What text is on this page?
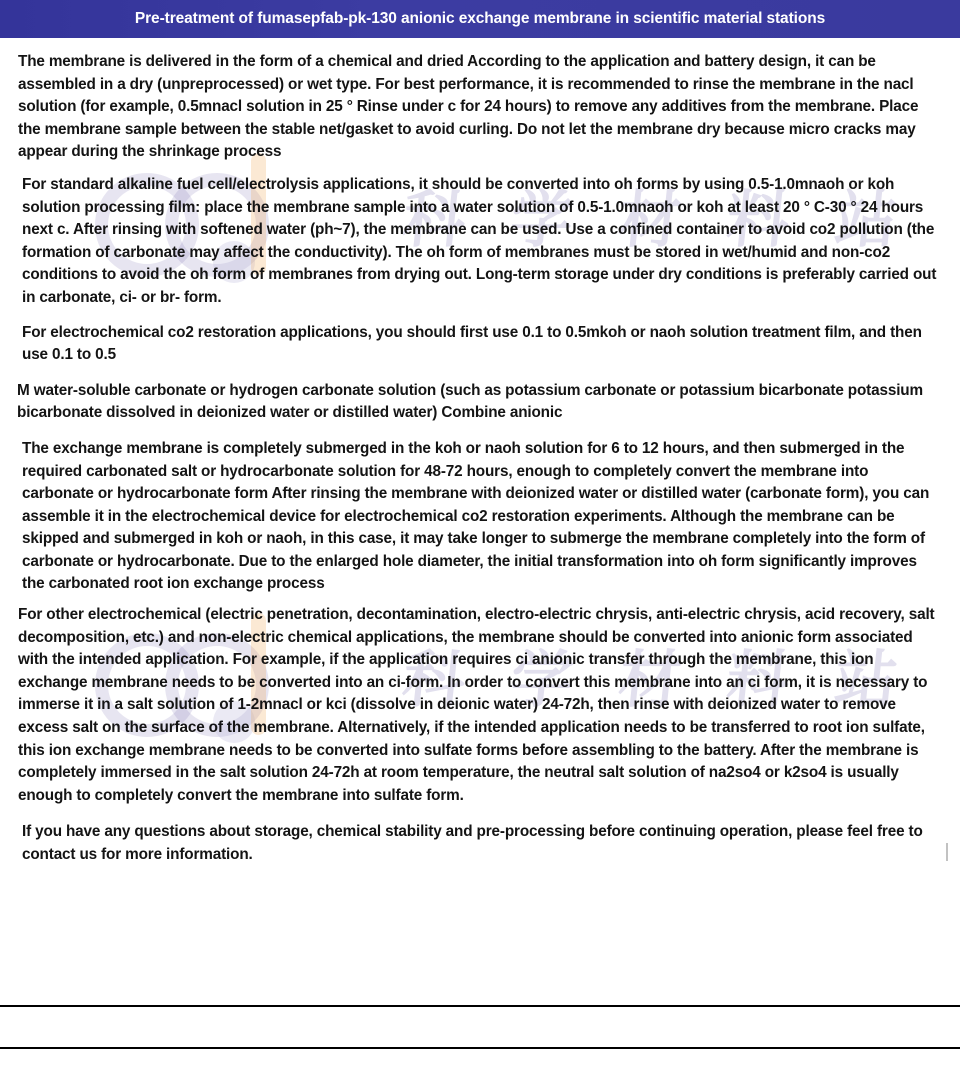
科 学 材 料 站
科 学 材 料 站
Pre-treatment of fumasepfab-pk-130 anionic exchange membrane in scientific material stations

The membrane is delivered in the form of a chemical and dried According to the application and battery design, it can be assembled in a dry (unpreprocessed) or wet type. For best performance, it is recommended to rinse the membrane in the nacl solution (for example, 0.5mnacl solution in 25 ° Rinse under c for 24 hours) to remove any additives from the membrane. Place the membrane sample between the stable net/gasket to avoid curling. Do not let the membrane dry because micro cracks may appear during the shrinkage process

For standard alkaline fuel cell/electrolysis applications, it should be converted into oh forms by using 0.5-1.0mnaoh or koh solution processing film: place the membrane sample into a water solution of 0.5-1.0mnaoh or koh at least 20 ° C-30 ° 24 hours next c. After rinsing with softened water (ph~7), the membrane can be used. Use a confined container to avoid co2 pollution (the formation of carbonate may affect the conductivity). The oh form of membranes must be stored in wet/humid and non-co2 conditions to avoid the oh form of membranes from drying out. Long-term storage under dry conditions is preferably carried out in carbonate, ci- or br- form.

For electrochemical co2 restoration applications, you should first use 0.1 to 0.5mkoh or naoh solution treatment film, and then use 0.1 to 0.5

M water-soluble carbonate or hydrogen carbonate solution (such as potassium carbonate or potassium bicarbonate potassium bicarbonate dissolved in deionized water or distilled water) Combine anionic

The exchange membrane is completely submerged in the koh or naoh solution for 6 to 12 hours, and then submerged in the required carbonated salt or hydrocarbonate solution for 48-72 hours, enough to completely convert the membrane into carbonate or hydrocarbonate form After rinsing the membrane with deionized water or distilled water (carbonate form), you can assemble it in the electrochemical device for electrochemical co2 restoration experiments. Although the membrane can be skipped and submerged in koh or naoh, in this case, it may take longer to submerge the membrane completely into the form of carbonate or hydrocarbonate. Due to the enlarged hole diameter, the initial transformation into oh form significantly improves the carbonated root ion exchange process

For other electrochemical (electric penetration, decontamination, electro-electric chrysis, anti-electric chrysis, acid recovery, salt decomposition, etc.) and non-electric chemical applications, the membrane should be converted into anionic form associated with the intended application. For example, if the application requires ci anionic transfer through the membrane, this ion exchange membrane needs to be converted into an ci-form. In order to convert this membrane into an ci form, it is necessary to immerse it in a salt solution of 1-2mnacl or kci (dissolve in deionic water) 24-72h, then rinse with deionized water to remove excess salt on the surface of the membrane. Alternatively, if the intended application needs to be transferred to root ion sulfate, this ion exchange membrane needs to be converted into sulfate forms before assembling to the battery. After the membrane is completely immersed in the salt solution 24-72h at room temperature, the neutral salt solution of na2so4 or k2so4 is usually enough to completely convert the membrane into sulfate form.

If you have any questions about storage, chemical stability and pre-processing before continuing operation, please feel free to contact us for more information.
